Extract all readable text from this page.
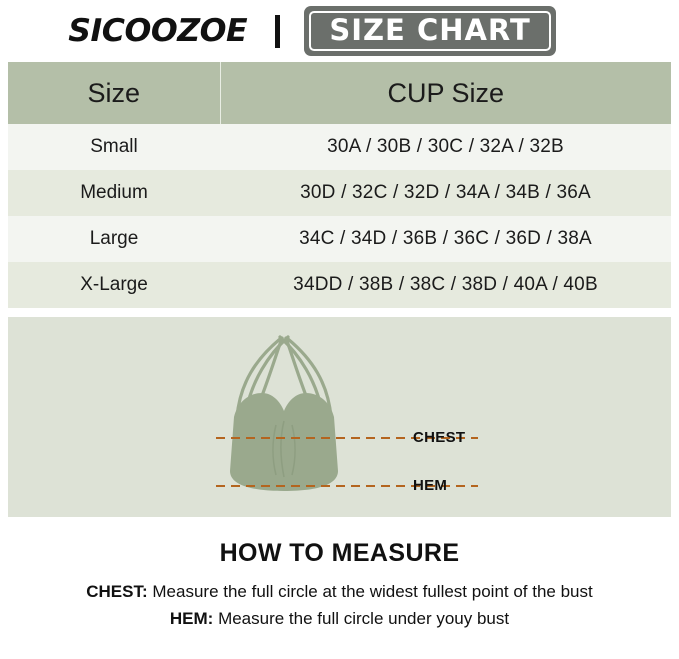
SICOOZOE	SIZE CHART
Size	CUP Size
Small	30A / 30B / 30C / 32A / 32B
Medium	30D / 32C / 32D / 34A / 34B / 36A
Large	34C / 34D / 36B / 36C / 36D / 38A
X-Large	34DD / 38B / 38C / 38D / 40A / 40B
CHEST
HEM
HOW TO MEASURE
CHEST: Measure the full circle at the widest fullest point of the bust
HEM: Measure the full circle under youy bust
